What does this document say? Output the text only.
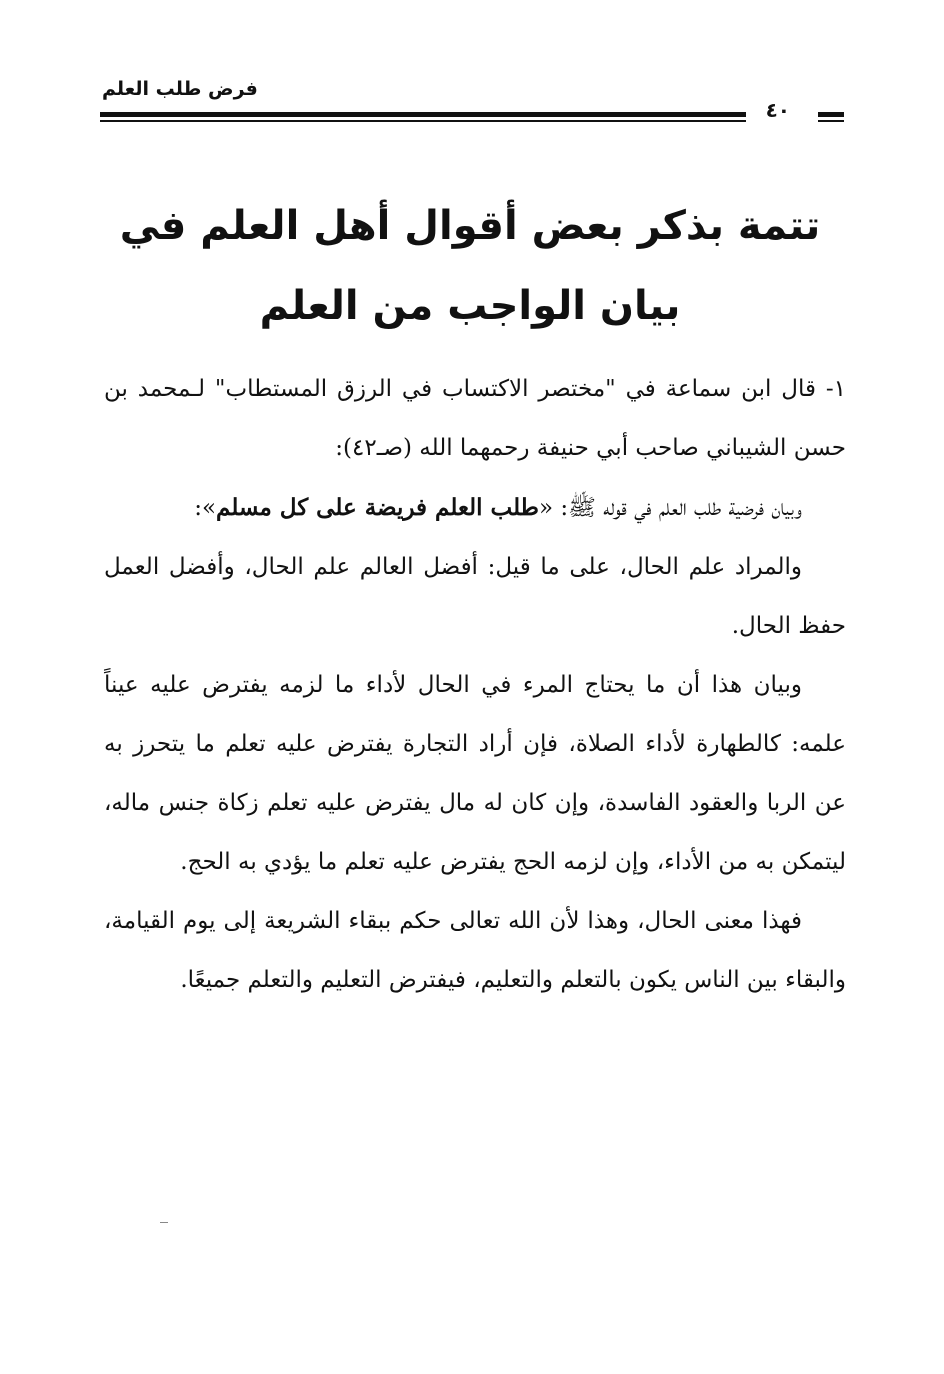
فرض طلب العلم
٤٠
تتمة بذكر بعض أقوال أهل العلم في بيان الواجب من العلم

١- قال ابن سماعة في "مختصر الاكتساب في الرزق المستطاب" لـمحمد بن حسن الشيباني صاحب أبي حنيفة رحمهما الله (صـ٤٢):

وبيان فرضية طلب العلم في قوله ﷺ: «طلب العلم فريضة على كل مسلم»:

والمراد علم الحال، على ما قيل: أفضل العالم علم الحال، وأفضل العمل حفظ الحال.

وبيان هذا أن ما يحتاج المرء في الحال لأداء ما لزمه يفترض عليه عيناً علمه: كالطهارة لأداء الصلاة، فإن أراد التجارة يفترض عليه تعلم ما يتحرز به عن الربا والعقود الفاسدة، وإن كان له مال يفترض عليه تعلم زكاة جنس ماله، ليتمكن به من الأداء، وإن لزمه الحج يفترض عليه تعلم ما يؤدي به الحج.

فهذا معنى الحال، وهذا لأن الله تعالى حكم ببقاء الشريعة إلى يوم القيامة، والبقاء بين الناس يكون بالتعلم والتعليم، فيفترض التعليم والتعلم جميعًا.
